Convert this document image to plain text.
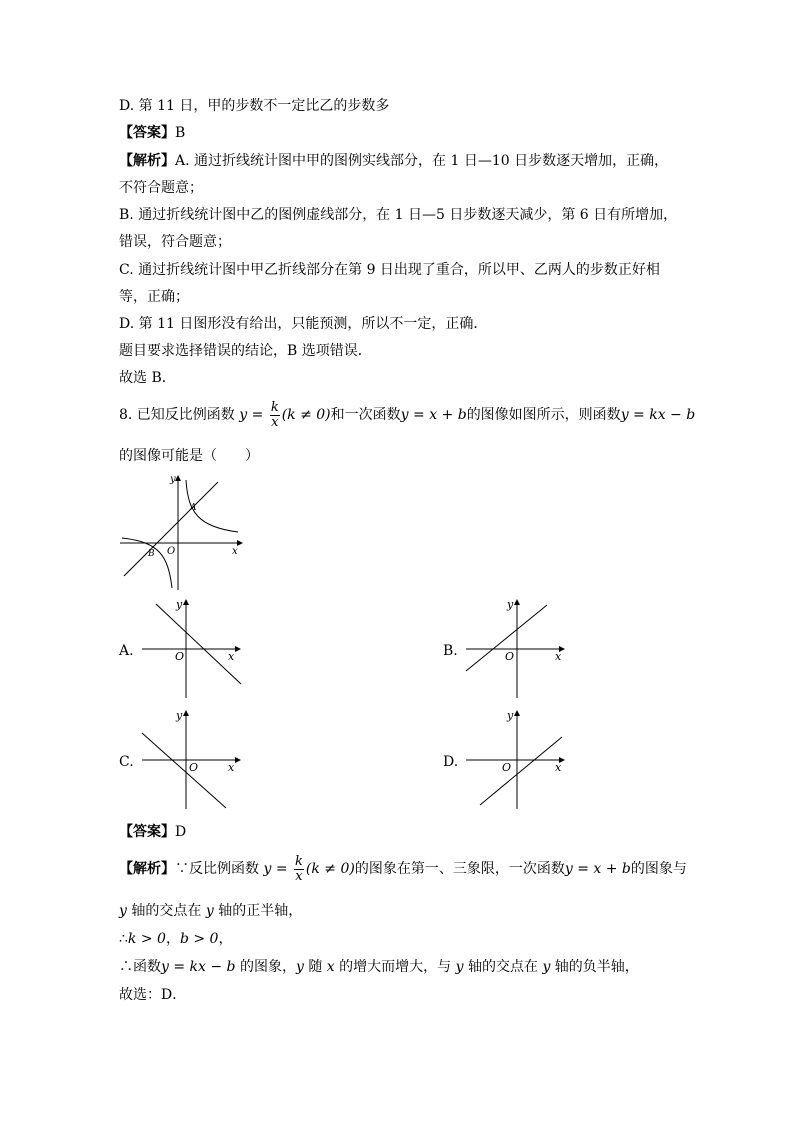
D. 第 11 日，甲的步数不一定比乙的步数多
【答案】B
【解析】A. 通过折线统计图中甲的图例实线部分，在 1 日—10 日步数逐天增加，正确，
不符合题意；
B. 通过折线统计图中乙的图例虚线部分，在 1 日—5 日步数逐天减少，第 6 日有所增加，
错误，符合题意；
C. 通过折线统计图中甲乙折线部分在第 9 日出现了重合，所以甲、乙两人的步数正好相
等，正确；
D. 第 11 日图形没有给出，只能预测，所以不一定，正确．
题目要求选择错误的结论，B 选项错误．
故选 B．
8. 已知反比例函数 $y = \frac{k}{x} (k \ne 0)$和一次函数y = x + b的图像如图所示，则函数y = kx − b
的图像可能是（　　）
y
x
O
A
B
A.
y
x
O	B.
y
x
O
C.
y
x
O	D.
y
x
O
【答案】D
【解析】∵反比例函数 $y = \frac{k}{x} (k \ne 0)$的图象在第一、三象限，一次函数y = x + b的图象与
y 轴的交点在 y 轴的正半轴，
∴k > 0，b > 0，
∴函数y = kx − b 的图象，y 随 x 的增大而增大，与 y 轴的交点在 y 轴的负半轴，
故选：D．
